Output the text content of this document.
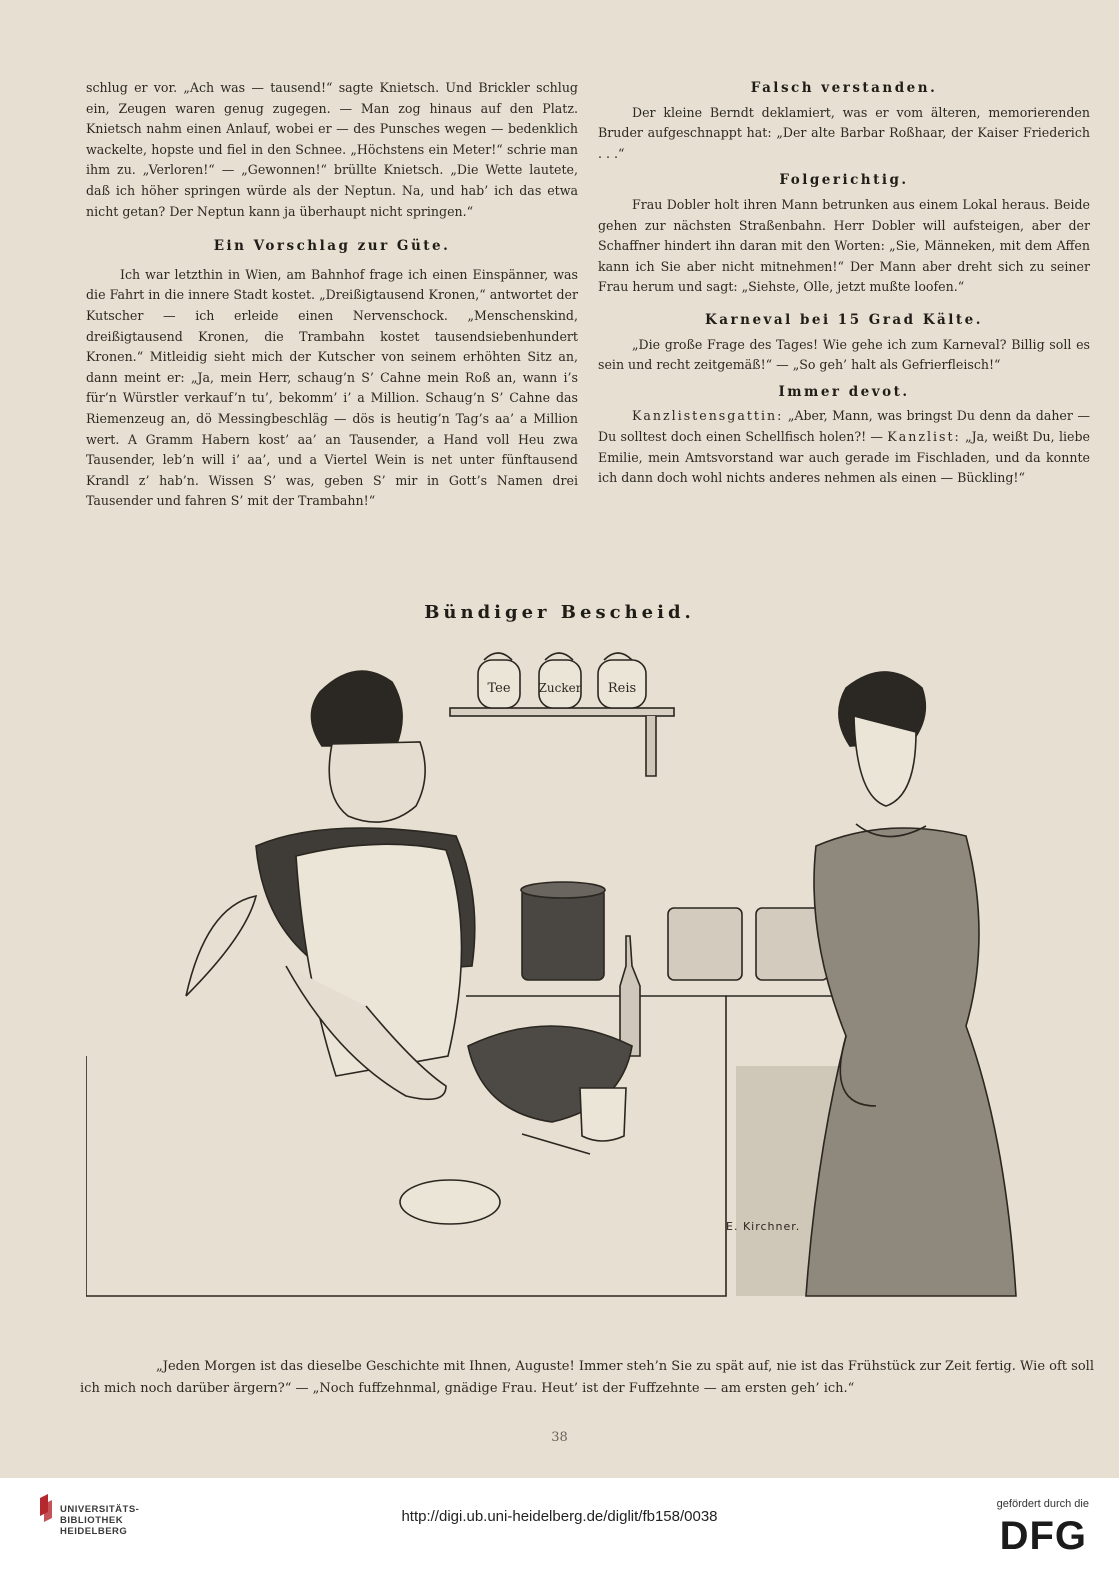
schlug er vor. „Ach was — tausend!“ sagte Knietsch. Und Brickler schlug ein, Zeugen waren genug zugegen. — Man zog hinaus auf den Platz. Knietsch nahm einen Anlauf, wobei er — des Punsches wegen — bedenklich wackelte, hopste und fiel in den Schnee. „Höchstens ein Meter!“ schrie man ihm zu. „Verloren!“ — „Gewonnen!“ brüllte Knietsch. „Die Wette lautete, daß ich höher springen würde als der Neptun. Na, und hab’ ich das etwa nicht getan? Der Neptun kann ja überhaupt nicht springen.“

Ein Vorschlag zur Güte.

Ich war letzthin in Wien, am Bahnhof frage ich einen Einspänner, was die Fahrt in die innere Stadt kostet. „Dreißigtausend Kronen,“ antwortet der Kutscher — ich erleide einen Nervenschock. „Menschenskind, dreißigtausend Kronen, die Trambahn kostet tausendsiebenhundert Kronen.“ Mitleidig sieht mich der Kutscher von seinem erhöhten Sitz an, dann meint er: „Ja, mein Herr, schaug’n S’ Cahne mein Roß an, wann i’s für’n Würstler verkauf’n tu’, bekomm’ i’ a Million. Schaug’n S’ Cahne das Riemenzeug an, dö Messingbeschläg — dös is heutig’n Tag’s aa’ a Million wert. A Gramm Habern kost’ aa’ an Tausender, a Hand voll Heu zwa Tausender, leb’n will i’ aa’, und a Viertel Wein is net unter fünftausend Krandl z’ hab’n. Wissen S’ was, geben S’ mir in Gott’s Namen drei Tausender und fahren S’ mit der Trambahn!“

Falsch verstanden.

Der kleine Berndt deklamiert, was er vom älteren, memorierenden Bruder aufgeschnappt hat: „Der alte Barbar Roßhaar, der Kaiser Friederich . . .“

Folgerichtig.

Frau Dobler holt ihren Mann betrunken aus einem Lokal heraus. Beide gehen zur nächsten Straßenbahn. Herr Dobler will aufsteigen, aber der Schaffner hindert ihn daran mit den Worten: „Sie, Männeken, mit dem Affen kann ich Sie aber nicht mitnehmen!“ Der Mann aber dreht sich zu seiner Frau herum und sagt: „Siehste, Olle, jetzt mußte loofen.“

Karneval bei 15 Grad Kälte.

„Die große Frage des Tages! Wie gehe ich zum Karneval? Billig soll es sein und recht zeitgemäß!“ — „So geh’ halt als Gefrierfleisch!“

Immer devot.

Kanzlistensgattin: „Aber, Mann, was bringst Du denn da daher — Du solltest doch einen Schellfisch holen?! — Kanzlist: „Ja, weißt Du, liebe Emilie, mein Amtsvorstand war auch gerade im Fischladen, und da konnte ich dann doch wohl nichts anderes nehmen als einen — Bückling!“

Bündiger Bescheid.
Tee Zucker Reis
E. Kirchner.
„Jeden Morgen ist das dieselbe Geschichte mit Ihnen, Auguste! Immer steh’n Sie zu spät auf, nie ist das Frühstück zur Zeit fertig. Wie oft soll ich mich noch darüber ärgern?“ — „Noch fuffzehnmal, gnädige Frau. Heut’ ist der Fuffzehnte — am ersten geh’ ich.“
38
UNIVERSITÄTS-
BIBLIOTHEK
HEIDELBERG
http://digi.ub.uni-heidelberg.de/diglit/fb158/0038
gefördert durch die
DFG
